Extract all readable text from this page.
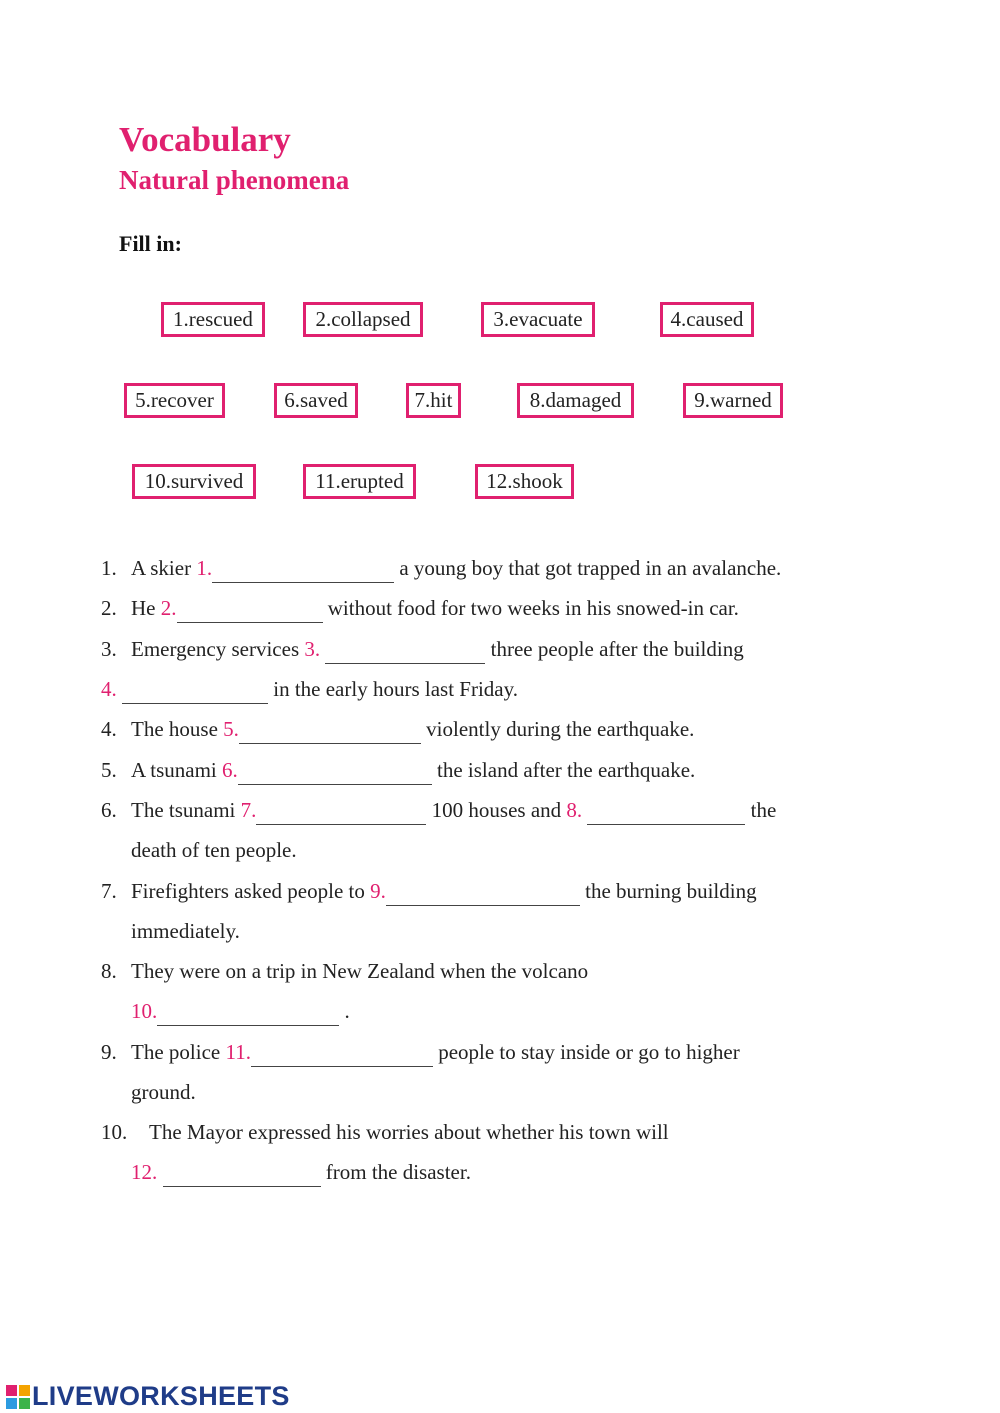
Vocabulary
Natural phenomena
Fill in:
1.rescued	2.collapsed	3.evacuate	4.caused
5.recover	6.saved	7.hit	8.damaged	9.warned
10.survived	11.erupted	12.shook
1. A skier 1.	a young boy that got trapped in an avalanche.
2. He 2.	without food for two weeks in his snowed-in car.
3. Emergency services 3.	three people after the building
4.	in the early hours last Friday.
4. The house 5.	violently during the earthquake.
5. A tsunami 6.	the island after the earthquake.
6. The tsunami 7.	100 houses and 8.	the
death of ten people.
7. Firefighters asked people to 9.	the burning building
immediately.
8. They were on a trip in New Zealand when the volcano
10.	.
9. The police 11.	people to stay inside or go to higher
ground.
10. The Mayor expressed his worries about whether his town will
12.	from the disaster.
LIVEWORKSHEETS
